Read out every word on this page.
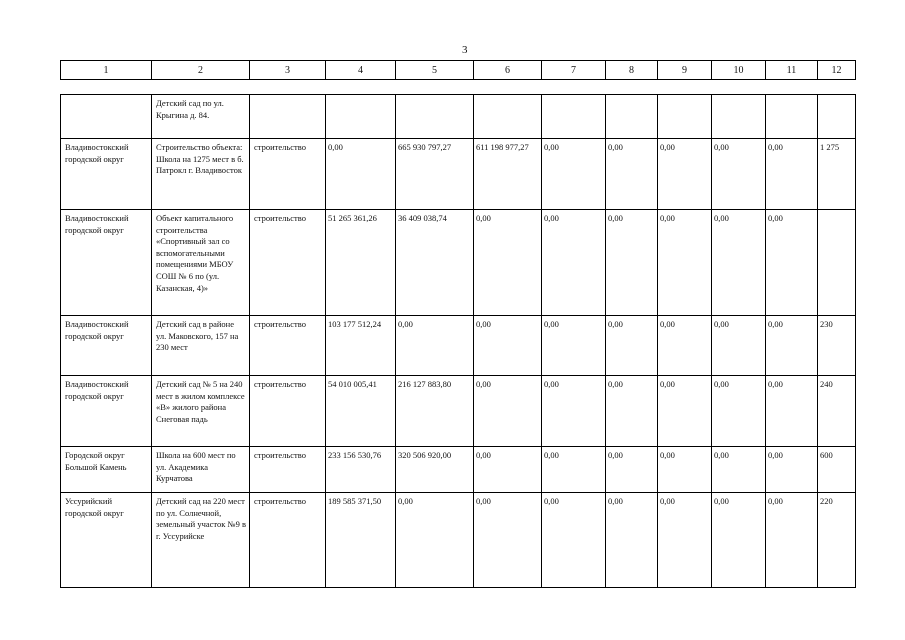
3
1	2	3	4	5	6	7	8	9	10	11	12
	Детский сад по ул. Крыгина д. 84.										
Владивостокский городской округ	Строительство объекта: Школа на 1275 мест в б. Патрокл г. Владивосток	строительство	0,00	665 930 797,27	611 198 977,27	0,00	0,00	0,00	0,00	0,00	1 275
Владивостокский городской округ	Объект капитального строительства «Спортивный зал со вспомогательными помещениями МБОУ СОШ № 6 по (ул. Казанская, 4)»	строительство	51 265 361,26	36 409 038,74	0,00	0,00	0,00	0,00	0,00	0,00	
Владивостокский городской округ	Детский сад в районе ул. Маковского, 157 на 230 мест	строительство	103 177 512,24	0,00	0,00	0,00	0,00	0,00	0,00	0,00	230
Владивостокский городской округ	Детский сад № 5 на 240 мест в жилом комплексе «В» жилого района Снеговая падь	строительство	54 010 005,41	216 127 883,80	0,00	0,00	0,00	0,00	0,00	0,00	240
Городской округ Большой Камень	Школа на 600 мест по ул. Академика Курчатова	строительство	233 156 530,76	320 506 920,00	0,00	0,00	0,00	0,00	0,00	0,00	600
Уссурийский городской округ	Детский сад на 220 мест по ул. Солнечной, земельный участок №9 в г. Уссурийске	строительство	189 585 371,50	0,00	0,00	0,00	0,00	0,00	0,00	0,00	220
